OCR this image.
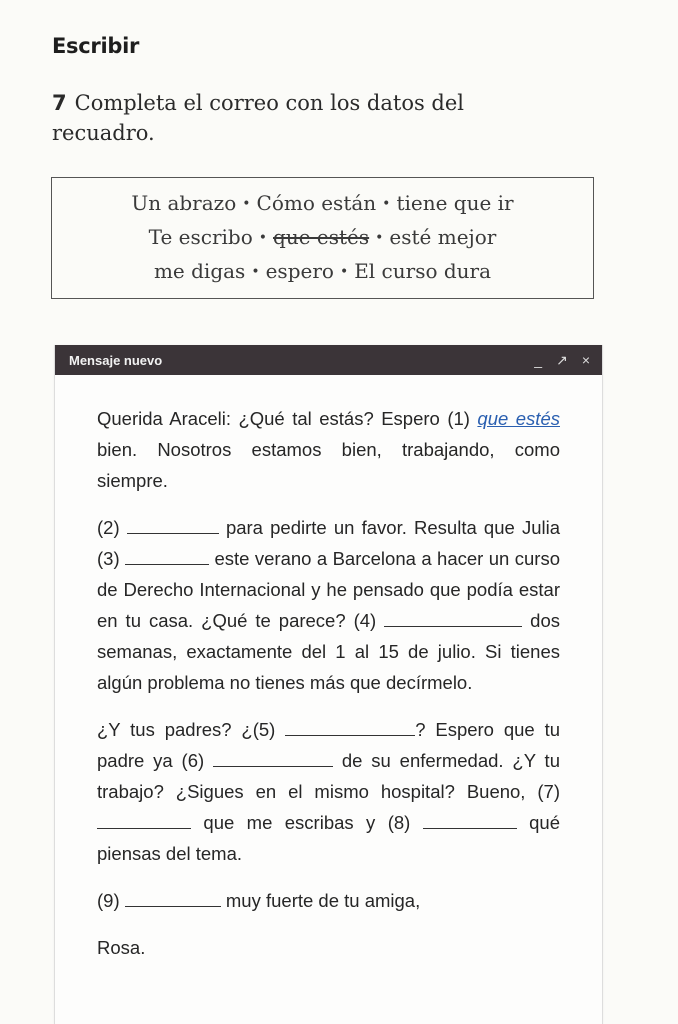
Escribir
7 Completa el correo con los datos del recuadro.
Un abrazo • Cómo están • tiene que ir
Te escribo • que estés • esté mejor
me digas • espero • El curso dura
Mensaje nuevo	_ ↗ ×

Querida Araceli: ¿Qué tal estás? Espero (1) que estés bien. Nosotros estamos bien, trabajando, como siempre.

(2)	para pedirte un favor. Resulta que Julia (3)	este verano a Barcelona a hacer un curso de Derecho Internacional y he pensado que podía estar en tu casa. ¿Qué te parece? (4)	dos semanas, exactamente del 1 al 15 de julio. Si tienes algún problema no tienes más que decírmelo.

¿Y tus padres? ¿(5)	? Espero que tu padre ya (6)	de su enfermedad. ¿Y tu trabajo? ¿Sigues en el mismo hospital? Bueno, (7)  que me escribas y (8)	qué piensas del tema.

(9)	muy fuerte de tu amiga,

Rosa.
